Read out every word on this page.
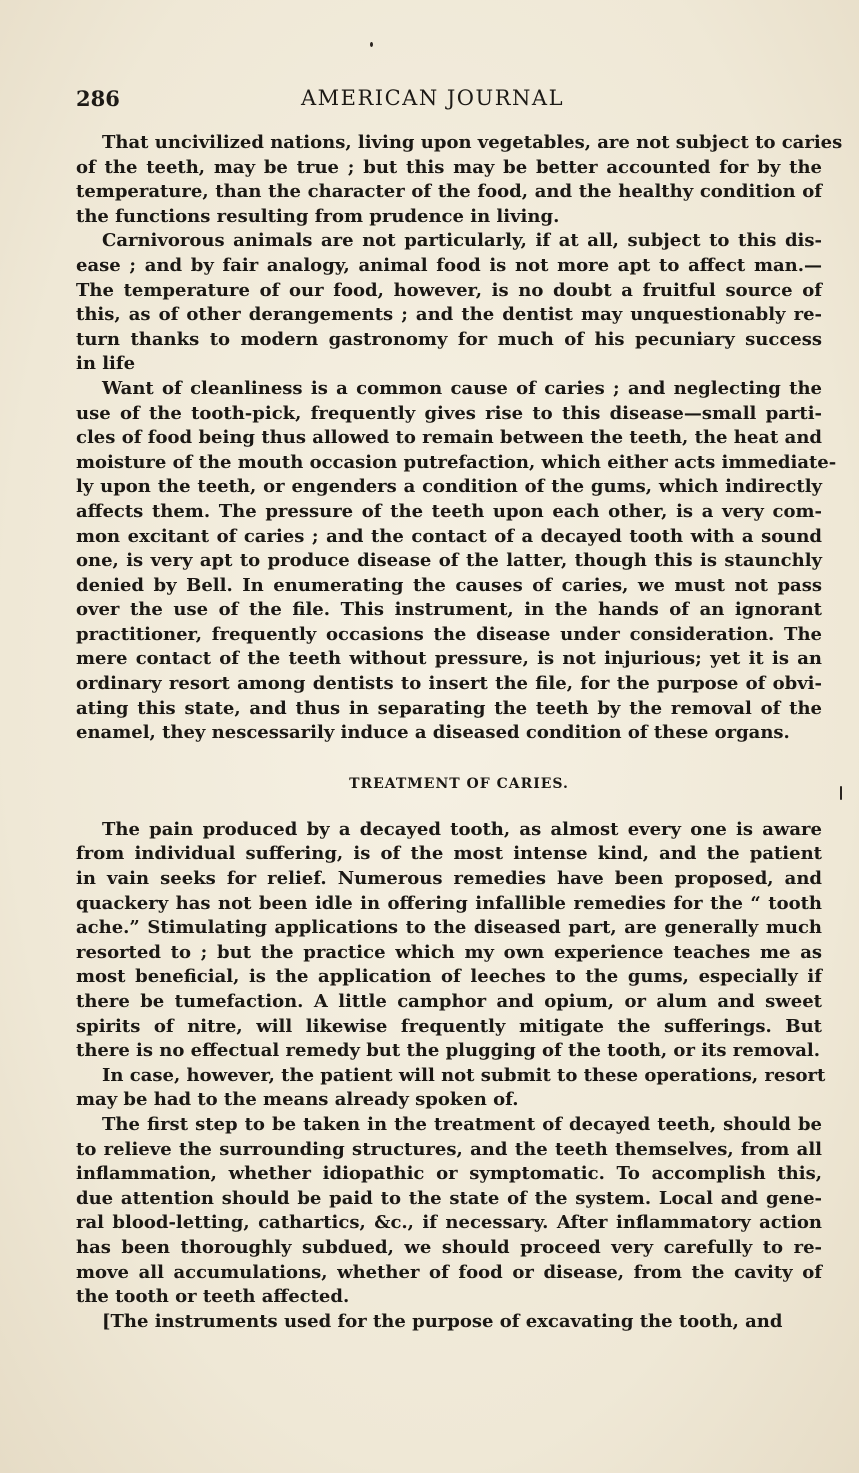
286	AMERICAN JOURNAL
That uncivilized nations, living upon vegetables, are not subject to caries
of the teeth, may be true ; but this may be better accounted for by the
temperature, than the character of the food, and the healthy condition of
the functions resulting from prudence in living.
Carnivorous animals are not particularly, if at all, subject to this dis-
ease ; and by fair analogy, animal food is not more apt to affect man.—
The temperature of our food, however, is no doubt a fruitful source of
this, as of other derangements ; and the dentist may unquestionably re-
turn thanks to modern gastronomy for much of his pecuniary success
in life
Want of cleanliness is a common cause of caries ; and neglecting the
use of the tooth-pick, frequently gives rise to this disease—small parti-
cles of food being thus allowed to remain between the teeth, the heat and
moisture of the mouth occasion putrefaction, which either acts immediate-
ly upon the teeth, or engenders a condition of the gums, which indirectly
affects them. The pressure of the teeth upon each other, is a very com-
mon excitant of caries ; and the contact of a decayed tooth with a sound
one, is very apt to produce disease of the latter, though this is staunchly
denied by Bell. In enumerating the causes of caries, we must not pass
over the use of the file. This instrument, in the hands of an ignorant
practitioner, frequently occasions the disease under consideration. The
mere contact of the teeth without pressure, is not injurious; yet it is an
ordinary resort among dentists to insert the file, for the purpose of obvi-
ating this state, and thus in separating the teeth by the removal of the
enamel, they nescessarily induce a diseased condition of these organs.
TREATMENT OF CARIES.
The pain produced by a decayed tooth, as almost every one is aware
from individual suffering, is of the most intense kind, and the patient
in vain seeks for relief. Numerous remedies have been proposed, and
quackery has not been idle in offering infallible remedies for the “ tooth
ache.” Stimulating applications to the diseased part, are generally much
resorted to ; but the practice which my own experience teaches me as
most beneficial, is the application of leeches to the gums, especially if
there be tumefaction. A little camphor and opium, or alum and sweet
spirits of nitre, will likewise frequently mitigate the sufferings. But
there is no effectual remedy but the plugging of the tooth, or its removal.
In case, however, the patient will not submit to these operations, resort
may be had to the means already spoken of.
The first step to be taken in the treatment of decayed teeth, should be
to relieve the surrounding structures, and the teeth themselves, from all
inflammation, whether idiopathic or symptomatic. To accomplish this,
due attention should be paid to the state of the system. Local and gene-
ral blood-letting, cathartics, &c., if necessary. After inflammatory action
has been thoroughly subdued, we should proceed very carefully to re-
move all accumulations, whether of food or disease, from the cavity of
the tooth or teeth affected.
[The instruments used for the purpose of excavating the tooth, and
